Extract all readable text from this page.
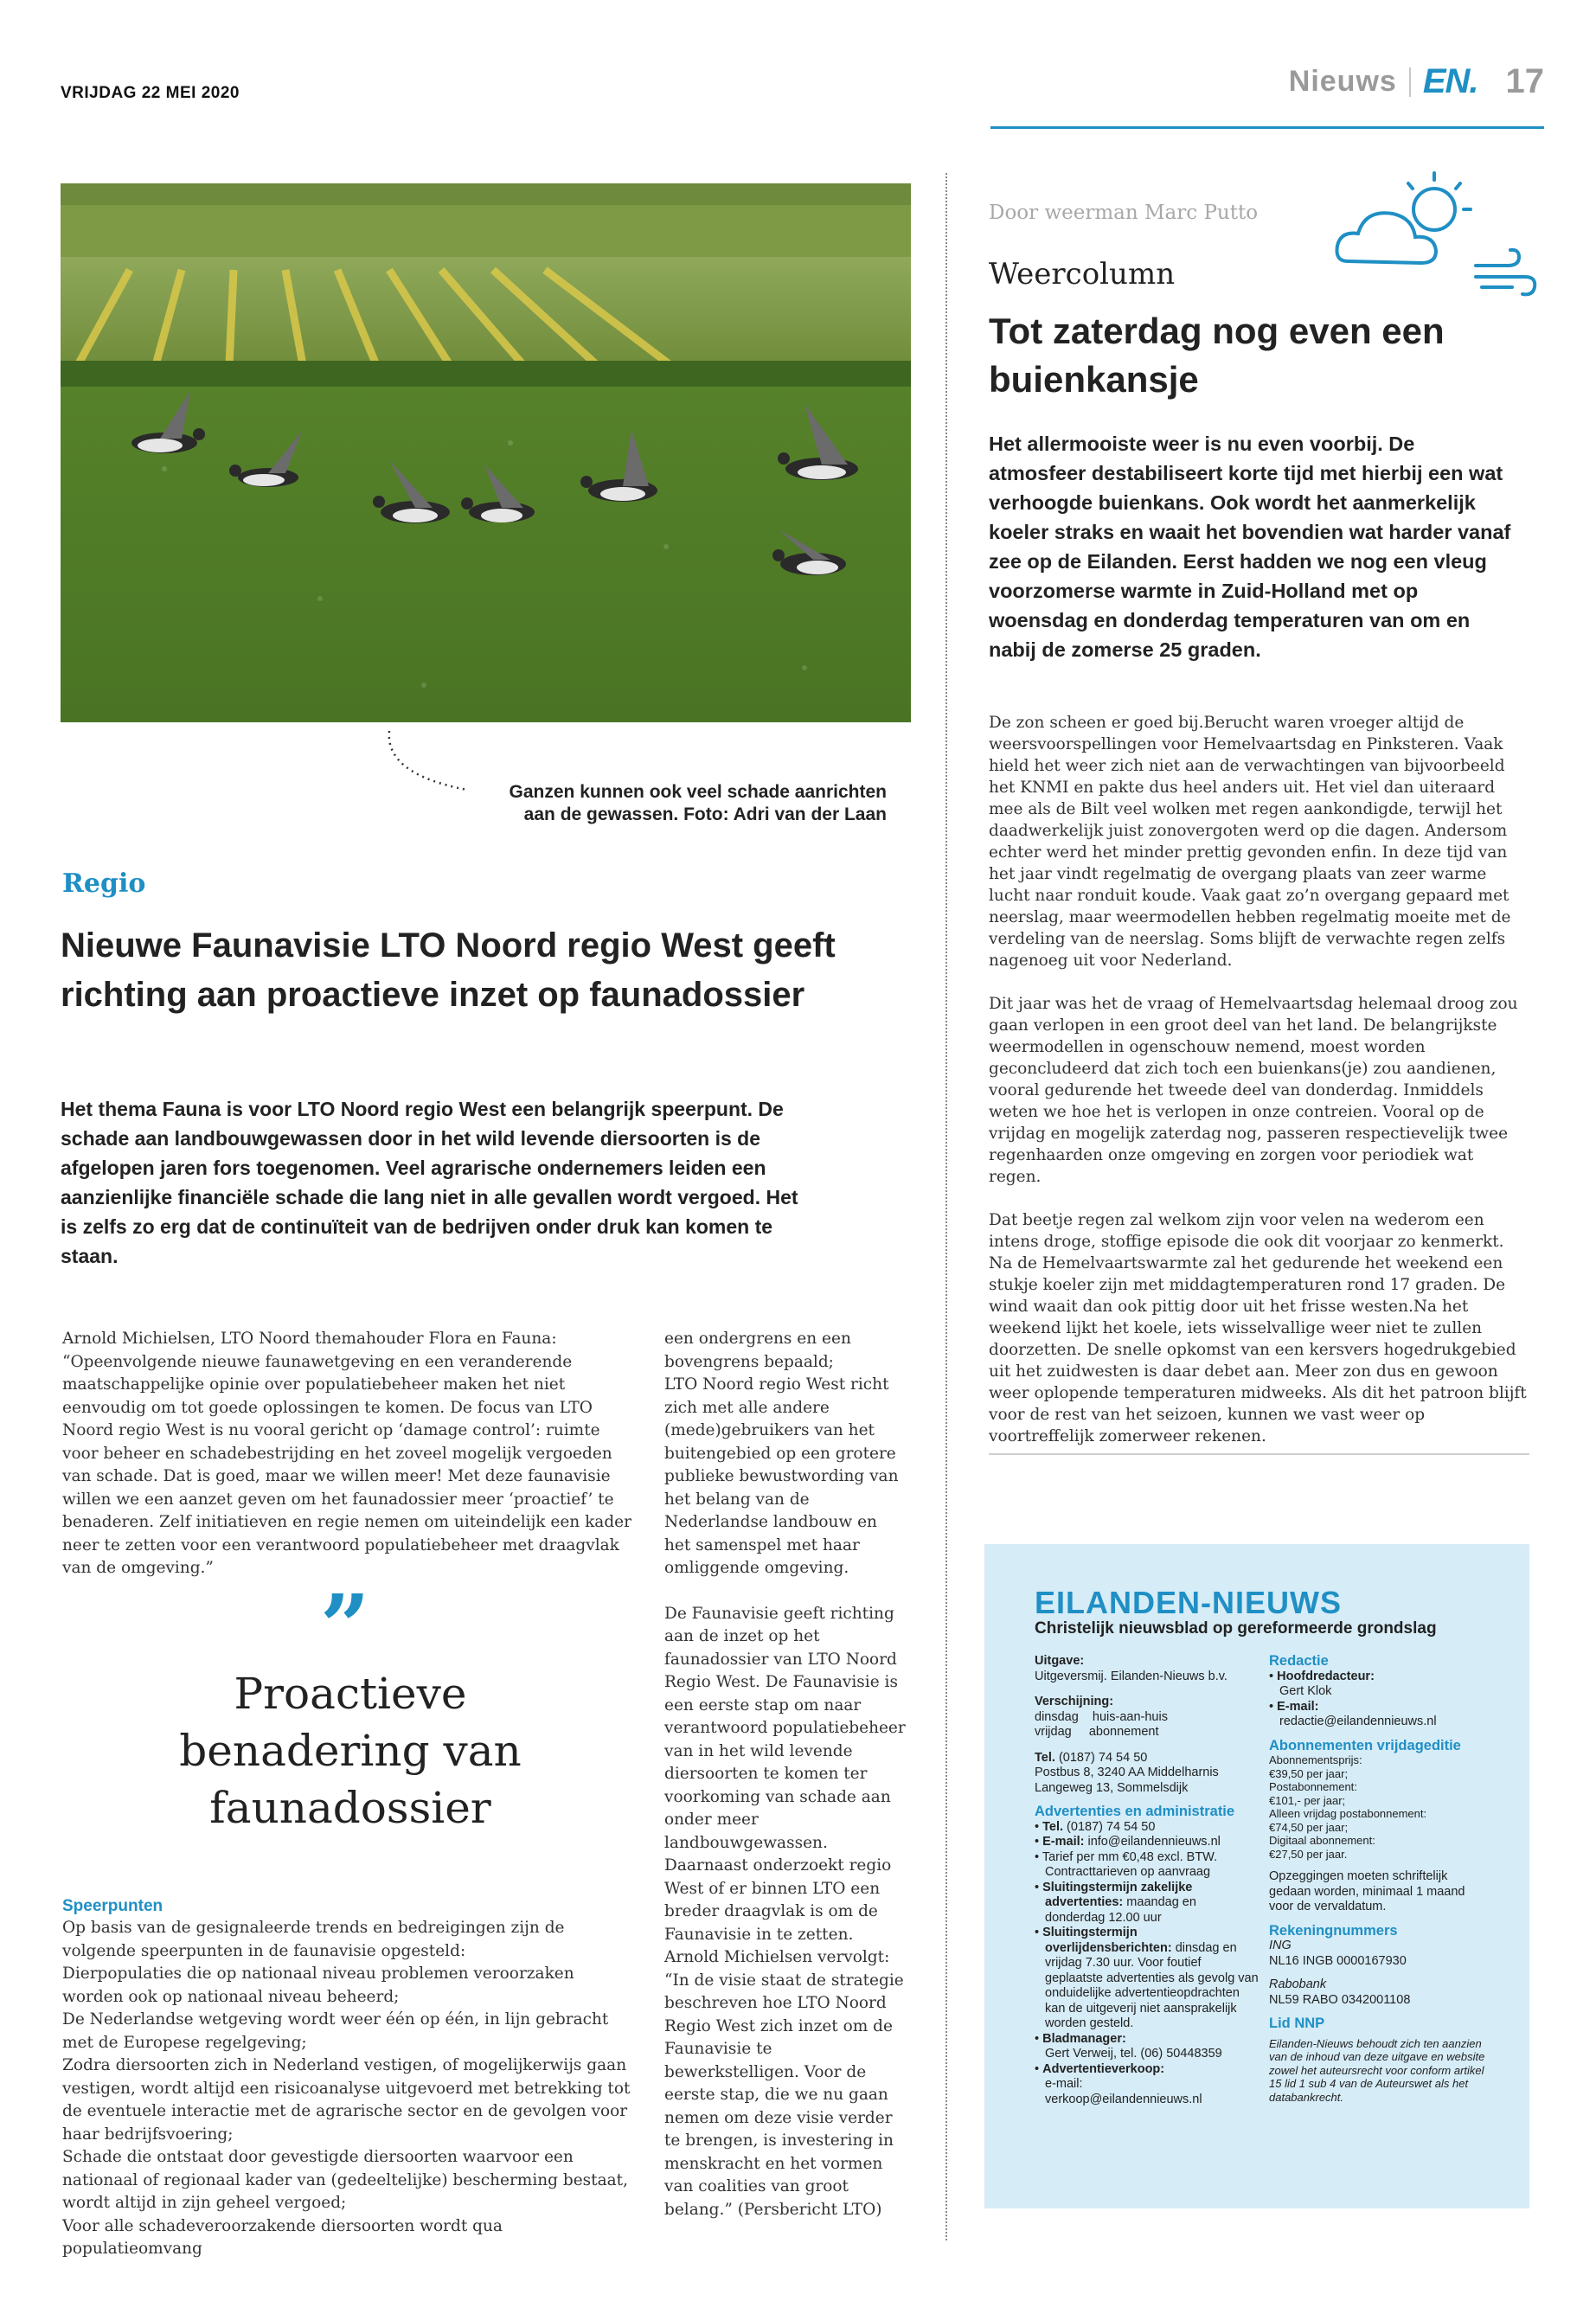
VRIJDAG 22 MEI 2020	Nieuws EN. 17
Ganzen kunnen ook veel schade aanrichten aan de gewassen. Foto: Adri van der Laan
Regio
Nieuwe Faunavisie LTO Noord regio West geeft richting aan proactieve inzet op faunadossier
Het thema Fauna is voor LTO Noord regio West een belangrijk speerpunt. De schade aan landbouwgewassen door in het wild levende diersoorten is de afgelopen jaren fors toegenomen. Veel agrarische ondernemers leiden een aanzienlijke financiële schade die lang niet in alle gevallen wordt vergoed. Het is zelfs zo erg dat de continuïteit van de bedrijven onder druk kan komen te staan.
Arnold Michielsen, LTO Noord themahouder Flora en Fauna:
“Opeenvolgende nieuwe faunawetgeving en een veranderende maatschappelijke opinie over populatiebeheer maken het niet eenvoudig om tot goede oplossingen te komen. De focus van LTO Noord regio West is nu vooral gericht op ‘damage control’: ruimte voor beheer en schadebestrijding en het zoveel mogelijk vergoeden van schade. Dat is goed, maar we willen meer! Met deze faunavisie willen we een aanzet geven om het faunadossier meer ‘proactief’ te benaderen. Zelf initiatieven en regie nemen om uiteindelijk een kader neer te zetten voor een verantwoord populatiebeheer met draagvlak van de omgeving.”
”
Proactieve benadering van faunadossier
Speerpunten
Op basis van de gesignaleerde trends en bedreigingen zijn de volgende speerpunten in de faunavisie opgesteld:
Dierpopulaties die op nationaal niveau problemen veroorzaken worden ook op nationaal niveau beheerd;
De Nederlandse wetgeving wordt weer één op één, in lijn gebracht met de Europese regelgeving;
Zodra diersoorten zich in Nederland vestigen, of mogelijkerwijs gaan vestigen, wordt altijd een risicoanalyse uitgevoerd met betrekking tot de eventuele interactie met de agrarische sector en de gevolgen voor haar bedrijfsvoering;
Schade die ontstaat door gevestigde diersoorten waarvoor een nationaal of regionaal kader van (gedeeltelijke) bescherming bestaat, wordt altijd in zijn geheel vergoed;
Voor alle schadeveroorzakende diersoorten wordt qua populatieomvang
een ondergrens en een bovengrens bepaald;
LTO Noord regio West richt zich met alle andere (mede)gebruikers van het buitengebied op een grotere publieke bewustwording van het belang van de Nederlandse landbouw en het samenspel met haar omliggende omgeving.
De Faunavisie geeft richting aan de inzet op het faunadossier van LTO Noord Regio West. De Faunavisie is een eerste stap om naar verantwoord populatiebeheer van in het wild levende diersoorten te komen ter voorkoming van schade aan onder meer landbouwgewassen. Daarnaast onderzoekt regio West of er binnen LTO een breder draagvlak is om de Faunavisie in te zetten.
Arnold Michielsen vervolgt: “In de visie staat de strategie beschreven hoe LTO Noord Regio West zich inzet om de Faunavisie te bewerkstelligen. Voor de eerste stap, die we nu gaan nemen om deze visie verder te brengen, is investering in menskracht en het vormen van coalities van groot belang.” (Persbericht LTO)
Door weerman Marc Putto
Weercolumn
Tot zaterdag nog even een buienkansje
Het allermooiste weer is nu even voorbij. De atmosfeer destabiliseert korte tijd met hierbij een wat verhoogde buienkans. Ook wordt het aanmerkelijk koeler straks en waait het bovendien wat harder vanaf zee op de Eilanden. Eerst hadden we nog een vleug voorzomerse warmte in Zuid-Holland met op woensdag en donderdag temperaturen van om en nabij de zomerse 25 graden.

De zon scheen er goed bij.Berucht waren vroeger altijd de weersvoorspellingen voor Hemelvaartsdag en Pinksteren. Vaak hield het weer zich niet aan de verwachtingen van bijvoorbeeld het KNMI en pakte dus heel anders uit. Het viel dan uiteraard mee als de Bilt veel wolken met regen aankondigde, terwijl het daadwerkelijk juist zonovergoten werd op die dagen. Andersom echter werd het minder prettig gevonden enfin. In deze tijd van het jaar vindt regelmatig de overgang plaats van zeer warme lucht naar ronduit koude. Vaak gaat zo’n overgang gepaard met neerslag, maar weermodellen hebben regelmatig moeite met de verdeling van de neerslag. Soms blijft de verwachte regen zelfs nagenoeg uit voor Nederland.

Dit jaar was het de vraag of Hemelvaartsdag helemaal droog zou gaan verlopen in een groot deel van het land. De belangrijkste weermodellen in ogenschouw nemend, moest worden geconcludeerd dat zich toch een buienkans(je) zou aandienen, vooral gedurende het tweede deel van donderdag. Inmiddels weten we hoe het is verlopen in onze contreien. Vooral op de vrijdag en mogelijk zaterdag nog, passeren respectievelijk twee regenhaarden onze omgeving en zorgen voor periodiek wat regen.

Dat beetje regen zal welkom zijn voor velen na wederom een intens droge, stoffige episode die ook dit voorjaar zo kenmerkt. Na de Hemelvaartswarmte zal het gedurende het weekend een stukje koeler zijn met middagtemperaturen rond 17 graden. De wind waait dan ook pittig door uit het frisse westen.Na het weekend lijkt het koele, iets wisselvallige weer niet te zullen doorzetten. De snelle opkomst van een kersvers hogedrukgebied uit het zuidwesten is daar debet aan. Meer zon dus en gewoon weer oplopende temperaturen midweeks. Als dit het patroon blijft voor de rest van het seizoen, kunnen we vast weer op voortreffelijk zomerweer rekenen.

EILANDEN-NIEUWS
Christelijk nieuwsblad op gereformeerde grondslag
Uitgave:
Uitgeversmij. Eilanden-Nieuws b.v.
Verschijning:
dinsdag    huis-aan-huis
vrijdag     abonnement
Tel. (0187) 74 54 50
Postbus 8, 3240 AA Middelharnis
Langeweg 13, Sommelsdijk
Advertenties en administratie
• Tel. (0187) 74 54 50
• E-mail: info@eilandennieuws.nl
• Tarief per mm €0,48 excl. BTW.
Contracttarieven op aanvraag
• Sluitingstermijn zakelijke advertenties: maandag en donderdag 12.00 uur
• Sluitingstermijn overlijdensberichten: dinsdag en vrijdag 7.30 uur. Voor foutief geplaatste advertenties als gevolg van onduidelijke advertentieopdrachten kan de uitgeverij niet aansprakelijk worden gesteld.
• Bladmanager:
Gert Verweij, tel. (06) 50448359
• Advertentieverkoop:
e-mail:
verkoop@eilandennieuws.nl
Redactie
• Hoofdredacteur:
Gert Klok
• E-mail:
redactie@eilandennieuws.nl
Abonnementen vrijdageditie
Abonnementsprijs:
€39,50 per jaar;
Postabonnement:
€101,- per jaar;
Alleen vrijdag postabonnement:
€74,50 per jaar;
Digitaal abonnement:
€27,50 per jaar.
Opzeggingen moeten schriftelijk gedaan worden, minimaal 1 maand voor de vervaldatum.
Rekeningnummers
ING
NL16 INGB 0000167930
Rabobank
NL59 RABO 0342001108
Lid NNP
Eilanden-Nieuws behoudt zich ten aanzien van de inhoud van deze uitgave en website zowel het auteursrecht voor conform artikel 15 lid 1 sub 4 van de Auteurswet als het databankrecht.
